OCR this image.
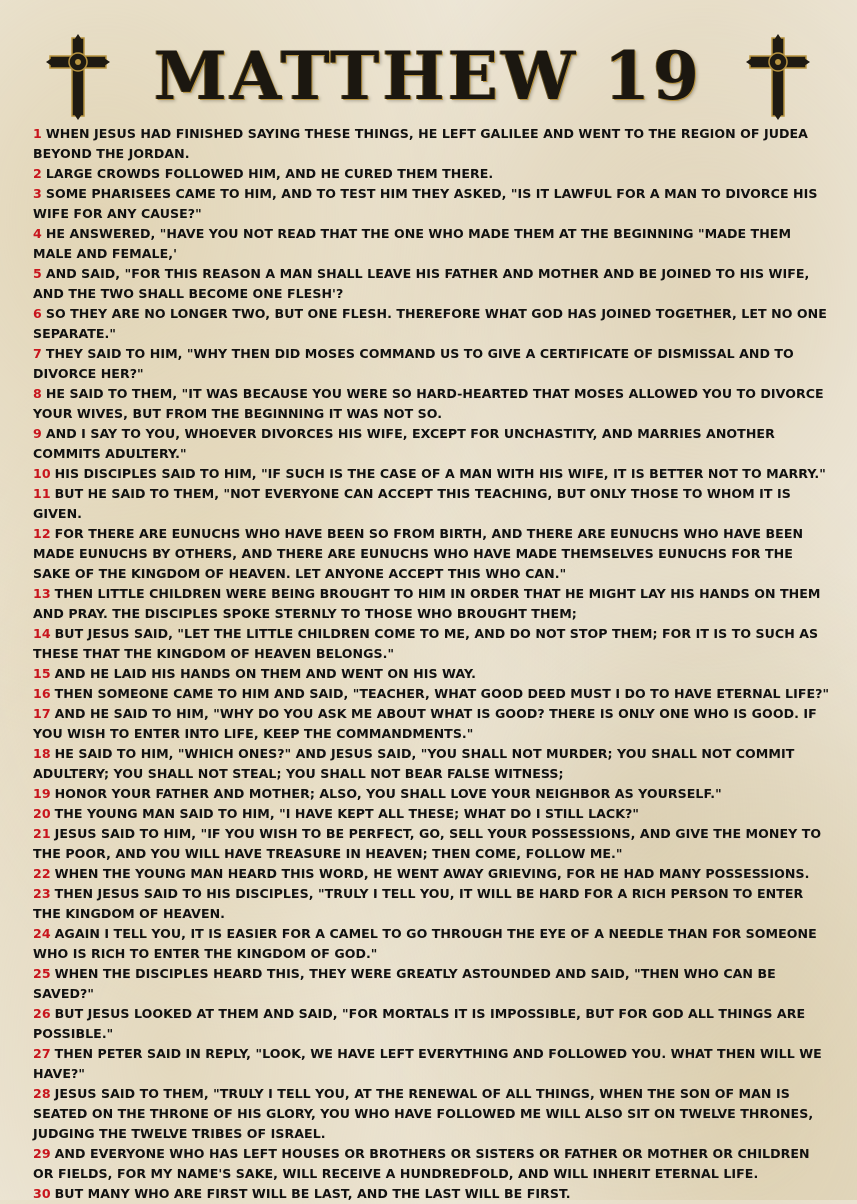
MATTHEW 19

1 WHEN JESUS HAD FINISHED SAYING THESE THINGS, HE LEFT GALILEE AND WENT TO THE REGION OF JUDEA BEYOND THE JORDAN.

2 LARGE CROWDS FOLLOWED HIM, AND HE CURED THEM THERE.

3 SOME PHARISEES CAME TO HIM, AND TO TEST HIM THEY ASKED, "IS IT LAWFUL FOR A MAN TO DIVORCE HIS WIFE FOR ANY CAUSE?"

4 HE ANSWERED, "HAVE YOU NOT READ THAT THE ONE WHO MADE THEM AT THE BEGINNING "MADE THEM MALE AND FEMALE,'

5 AND SAID, "FOR THIS REASON A MAN SHALL LEAVE HIS FATHER AND MOTHER AND BE JOINED TO HIS WIFE, AND THE TWO SHALL BECOME ONE FLESH'?

6 SO THEY ARE NO LONGER TWO, BUT ONE FLESH. THEREFORE WHAT GOD HAS JOINED TOGETHER, LET NO ONE SEPARATE."

7 THEY SAID TO HIM, "WHY THEN DID MOSES COMMAND US TO GIVE A CERTIFICATE OF DISMISSAL AND TO DIVORCE HER?"

8 HE SAID TO THEM, "IT WAS BECAUSE YOU WERE SO HARD-HEARTED THAT MOSES ALLOWED YOU TO DIVORCE YOUR WIVES, BUT FROM THE BEGINNING IT WAS NOT SO.

9 AND I SAY TO YOU, WHOEVER DIVORCES HIS WIFE, EXCEPT FOR UNCHASTITY, AND MARRIES ANOTHER COMMITS ADULTERY."

10 HIS DISCIPLES SAID TO HIM, "IF SUCH IS THE CASE OF A MAN WITH HIS WIFE, IT IS BETTER NOT TO MARRY."

11 BUT HE SAID TO THEM, "NOT EVERYONE CAN ACCEPT THIS TEACHING, BUT ONLY THOSE TO WHOM IT IS GIVEN.

12 FOR THERE ARE EUNUCHS WHO HAVE BEEN SO FROM BIRTH, AND THERE ARE EUNUCHS WHO HAVE BEEN MADE EUNUCHS BY OTHERS, AND THERE ARE EUNUCHS WHO HAVE MADE THEMSELVES EUNUCHS FOR THE SAKE OF THE KINGDOM OF HEAVEN. LET ANYONE ACCEPT THIS WHO CAN."

13 THEN LITTLE CHILDREN WERE BEING BROUGHT TO HIM IN ORDER THAT HE MIGHT LAY HIS HANDS ON THEM AND PRAY. THE DISCIPLES SPOKE STERNLY TO THOSE WHO BROUGHT THEM;

14 BUT JESUS SAID, "LET THE LITTLE CHILDREN COME TO ME, AND DO NOT STOP THEM; FOR IT IS TO SUCH AS THESE THAT THE KINGDOM OF HEAVEN BELONGS."

15 AND HE LAID HIS HANDS ON THEM AND WENT ON HIS WAY.

16 THEN SOMEONE CAME TO HIM AND SAID, "TEACHER, WHAT GOOD DEED MUST I DO TO HAVE ETERNAL LIFE?"

17 AND HE SAID TO HIM, "WHY DO YOU ASK ME ABOUT WHAT IS GOOD? THERE IS ONLY ONE WHO IS GOOD. IF YOU WISH TO ENTER INTO LIFE, KEEP THE COMMANDMENTS."

18 HE SAID TO HIM, "WHICH ONES?" AND JESUS SAID, "YOU SHALL NOT MURDER; YOU SHALL NOT COMMIT ADULTERY; YOU SHALL NOT STEAL; YOU SHALL NOT BEAR FALSE WITNESS;

19 HONOR YOUR FATHER AND MOTHER; ALSO, YOU SHALL LOVE YOUR NEIGHBOR AS YOURSELF."

20 THE YOUNG MAN SAID TO HIM, "I HAVE KEPT ALL THESE; WHAT DO I STILL LACK?"

21 JESUS SAID TO HIM, "IF YOU WISH TO BE PERFECT, GO, SELL YOUR POSSESSIONS, AND GIVE THE MONEY TO THE POOR, AND YOU WILL HAVE TREASURE IN HEAVEN; THEN COME, FOLLOW ME."

22 WHEN THE YOUNG MAN HEARD THIS WORD, HE WENT AWAY GRIEVING, FOR HE HAD MANY POSSESSIONS.

23 THEN JESUS SAID TO HIS DISCIPLES, "TRULY I TELL YOU, IT WILL BE HARD FOR A RICH PERSON TO ENTER THE KINGDOM OF HEAVEN.

24 AGAIN I TELL YOU, IT IS EASIER FOR A CAMEL TO GO THROUGH THE EYE OF A NEEDLE THAN FOR SOMEONE WHO IS RICH TO ENTER THE KINGDOM OF GOD."

25 WHEN THE DISCIPLES HEARD THIS, THEY WERE GREATLY ASTOUNDED AND SAID, "THEN WHO CAN BE SAVED?"

26 BUT JESUS LOOKED AT THEM AND SAID, "FOR MORTALS IT IS IMPOSSIBLE, BUT FOR GOD ALL THINGS ARE POSSIBLE."

27 THEN PETER SAID IN REPLY, "LOOK, WE HAVE LEFT EVERYTHING AND FOLLOWED YOU. WHAT THEN WILL WE HAVE?"

28 JESUS SAID TO THEM, "TRULY I TELL YOU, AT THE RENEWAL OF ALL THINGS, WHEN THE SON OF MAN IS SEATED ON THE THRONE OF HIS GLORY, YOU WHO HAVE FOLLOWED ME WILL ALSO SIT ON TWELVE THRONES, JUDGING THE TWELVE TRIBES OF ISRAEL.

29 AND EVERYONE WHO HAS LEFT HOUSES OR BROTHERS OR SISTERS OR FATHER OR MOTHER OR CHILDREN OR FIELDS, FOR MY NAME'S SAKE, WILL RECEIVE A HUNDREDFOLD, AND WILL INHERIT ETERNAL LIFE.

30 BUT MANY WHO ARE FIRST WILL BE LAST, AND THE LAST WILL BE FIRST.
